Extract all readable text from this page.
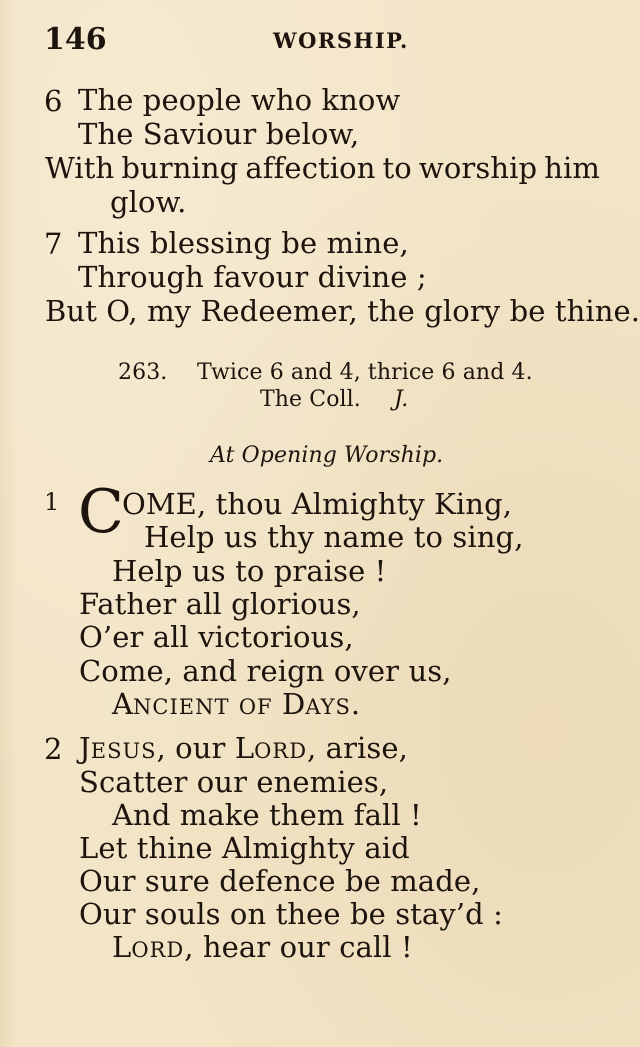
146	WORSHIP.
6 The people who know
The Saviour below,
With burning affection to worship him
glow.
7 This blessing be mine,
Through favour divine ;
But O, my Redeemer, the glory be thine.
263. Twice 6 and 4, thrice 6 and 4.
The Coll. J.
At Opening Worship.
1 C
OME, thou Almighty King,
Help us thy name to sing,
Help us to praise !
Father all glorious,
O’er all victorious,
Come, and reign over us,
ANCIENT OF DAYS.
2 JESUS, our LORD, arise,
Scatter our enemies,
And make them fall !
Let thine Almighty aid
Our sure defence be made,
Our souls on thee be stay’d :
LORD, hear our call !
